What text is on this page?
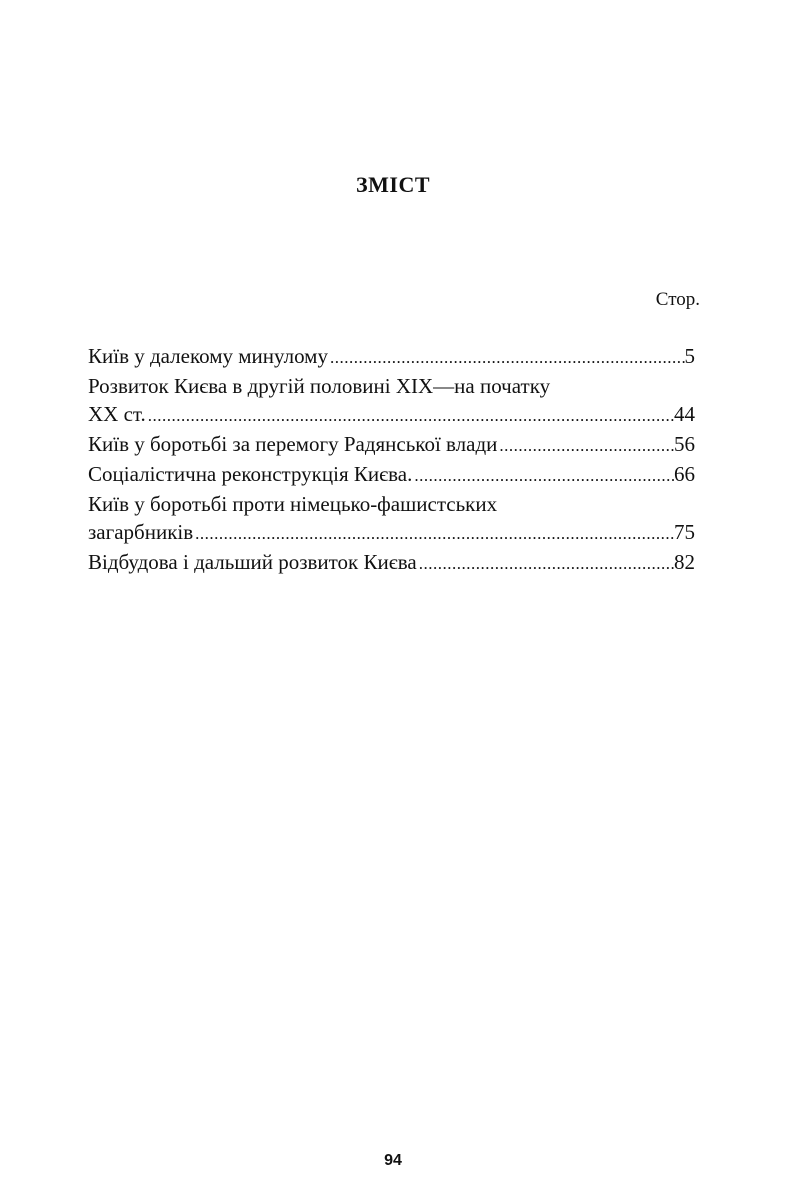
ЗМІСТ
Стор.
Київ у далекому минулому .....	5
Розвиток Києва в другій половині ХІХ—на початку
ХХ ст. .....	44
Київ у боротьбі за перемогу Радянської влади .....	56
Соціалістична реконструкція Києва. .....	66
Київ у боротьбі проти німецько-фашистських
загарбників .....	75
Відбудова і дальший розвиток Києва .....	82
94
